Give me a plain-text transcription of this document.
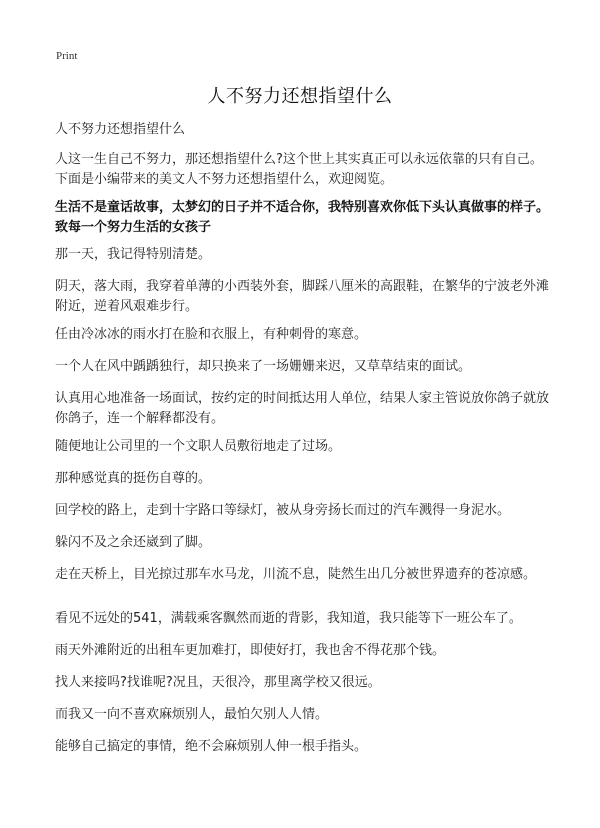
Print
人不努力还想指望什么

人不努力还想指望什么

人这一生自己不努力，那还想指望什么?这个世上其实真正可以永远依靠的只有自己。下面是小编带来的美文人不努力还想指望什么，欢迎阅览。

生活不是童话故事，太梦幻的日子并不适合你，我特别喜欢你低下头认真做事的样子。致每一个努力生活的女孩子

那一天，我记得特别清楚。

阴天，落大雨，我穿着单薄的小西装外套，脚踩八厘米的高跟鞋，在繁华的宁波老外滩附近，逆着风艰难步行。

任由冷冰冰的雨水打在脸和衣服上，有种刺骨的寒意。

一个人在风中踽踽独行，却只换来了一场姗姗来迟，又草草结束的面试。

认真用心地准备一场面试，按约定的时间抵达用人单位，结果人家主管说放你鸽子就放你鸽子，连一个解释都没有。

随便地让公司里的一个文职人员敷衍地走了过场。

那种感觉真的挺伤自尊的。

回学校的路上，走到十字路口等绿灯，被从身旁扬长而过的汽车溅得一身泥水。

躲闪不及之余还崴到了脚。

走在天桥上，目光掠过那车水马龙，川流不息，陡然生出几分被世界遗弃的苍凉感。

看见不远处的541，满载乘客飘然而逝的背影，我知道，我只能等下一班公车了。

雨天外滩附近的出租车更加难打，即使好打，我也舍不得花那个钱。

找人来接吗?找谁呢?况且，天很冷，那里离学校又很远。

而我又一向不喜欢麻烦别人，最怕欠别人人情。

能够自己搞定的事情，绝不会麻烦别人伸一根手指头。
